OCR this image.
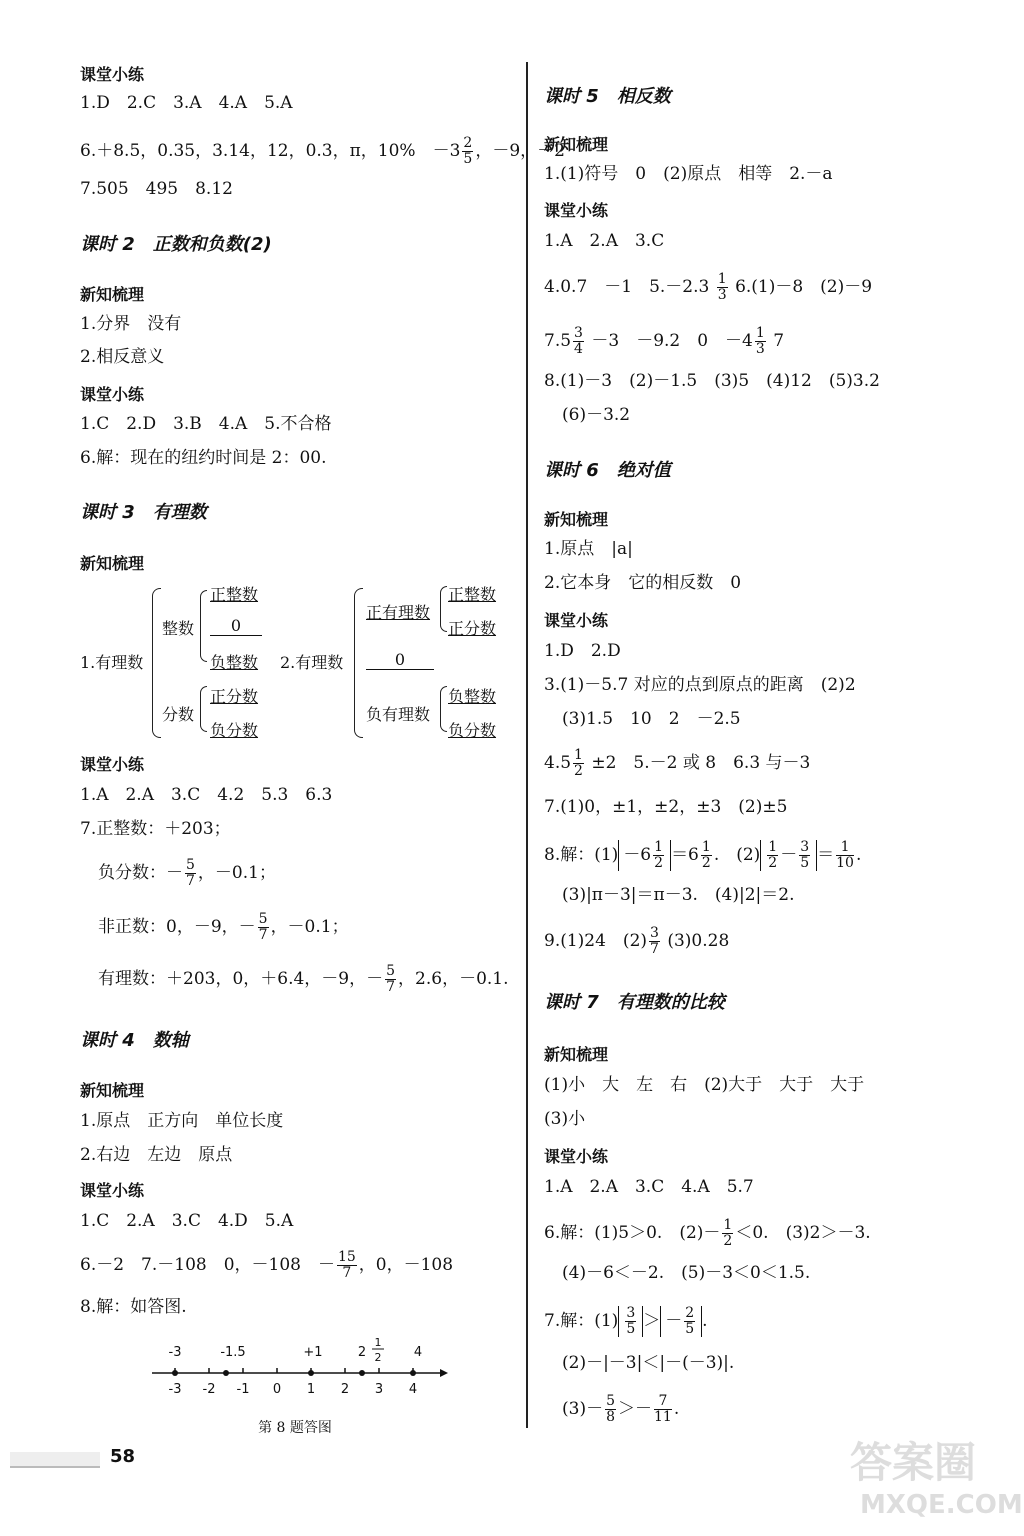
课堂小练
1.D　2.C　3.A　4.A　5.A
6.＋8.5，0.35，3.14，12，0.3，π，10%　$-3 \frac{2}{5}$ ，－9，－2
7.505　495　8.12
课时 2　正数和负数(2)
新知梳理
1.分界　没有
2.相反意义
课堂小练
1.C　2.D　3.B　4.A　5.不合格
6.解：现在的纽约时间是 2：00.
课时 3　有理数
新知梳理
1.有理数
整数
正整数
0
负整数
分数
正分数
负分数
2.有理数
正有理数
正整数
正分数
0
负有理数
负整数
负分数
课堂小练
1.A　2.A　3.C　4.2　5.3　6.3
7.正整数：＋203；
负分数：－ $\frac{5}{7}$ ，－0.1；
非正数：0，－9，－ $\frac{5}{7}$ ，－0.1；
有理数：＋203，0，＋6.4，－9，－ $\frac{5}{7}$ ，2.6，－0.1.
课时 4　数轴
新知梳理
1.原点　正方向　单位长度
2.右边　左边　原点
课堂小练
1.C　2.A　3.C　4.D　5.A
6.－2　7.－108　0，－108　－ $\frac{15}{7}$ ，0，－108
8.解：如答图.
-3	-1.5	+1	2
1
2 4
-3 -2 -1 0 1 2 3 4
第 8 题答图
课时 5　相反数
新知梳理
1.(1)符号　0　(2)原点　相等　2.－a
课堂小练
1.A　2.A　3.C
4.0.7　－1　$5.-2.3 \frac{1}{3} 6.(1)-8$　(2)－9
$7.5 \frac{3}{4} -3$　－9.2　0　$-4 \frac{1}{3} 7$
8.(1)－3　(2)－1.5　(3)5　(4)12　(5)3.2
(6)－3.2
课时 6　绝对值
新知梳理
1.原点　|a|
2.它本身　它的相反数　0
课堂小练
1.D　2.D
3.(1)－5.7 对应的点到原点的距离　(2)2
(3)1.5　10　2　－2.5
$4.5 \frac{1}{2} \pm 2$　5.－2 或 8　6.3 与－3
7.(1)0，±1，±2，±3　(2)±5
8.解：$(1) -6 \frac{1}{2} =6 \frac{1}{2}$ .　$(2) \frac{1}{2} - \frac{3}{5} = \frac{1}{10}$ .
(3)|π－3|＝π－3.　(4)|2|＝2.
9.(1)24　$(2) \frac{3}{7} (3)0.28$
课时 7　有理数的比较
新知梳理
(1)小　大　左　右　(2)大于　大于　大于
(3)小
课堂小练
1.A　2.A　3.C　4.A　5.7
6.解：(1)5＞0.　$(2)- \frac{1}{2} <0$.　(3)2＞－3.
(4)－6＜－2.　(5)－3＜0＜1.5.
7.解：$(1) \frac{3}{5}$ ＞ － $\frac{2}{5}$ .
(2)－|－3|＜|－(－3)|.
$(3)- \frac{5}{8} >- \frac{7}{11}$ .
58	答案圈
MXQE.COM
